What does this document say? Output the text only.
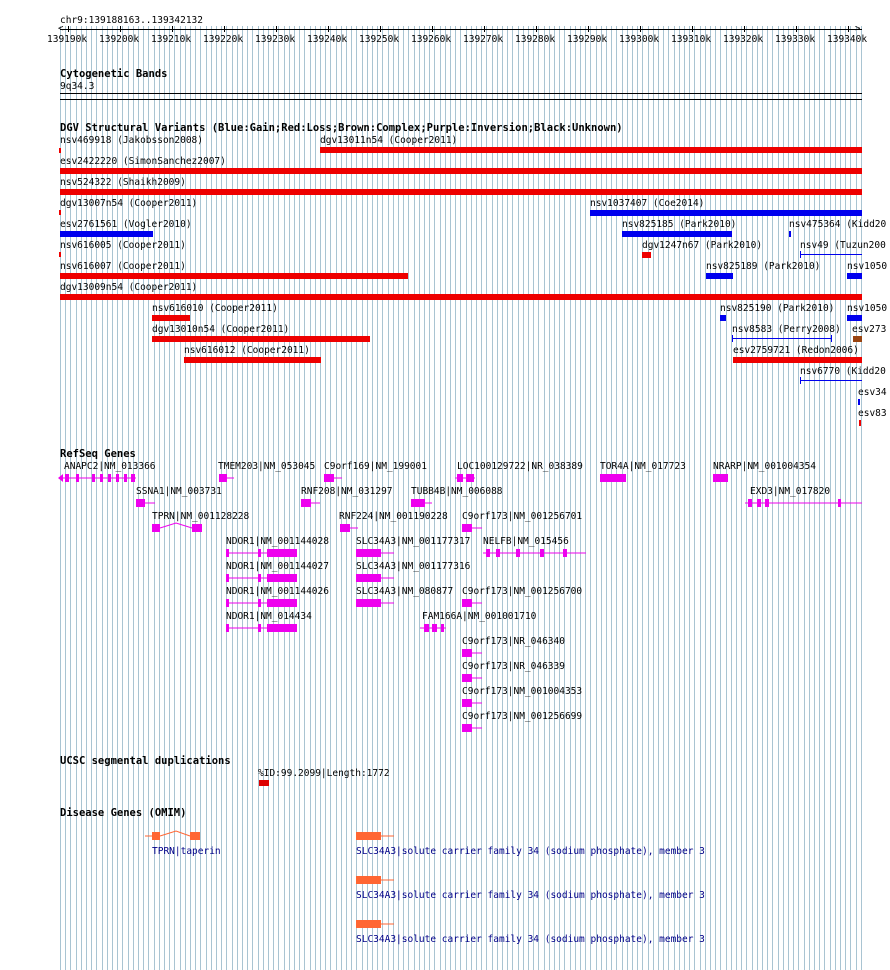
chr9:139188163..139342132
<	>
139190k 139200k 139210k 139220k 139230k 139240k 139250k 139260k 139270k 139280k 139290k 139300k 139310k 139320k 139330k 139340k
Cytogenetic Bands
9q34.3
DGV Structural Variants (Blue:Gain;Red:Loss;Brown:Complex;Purple:Inversion;Black:Unknown)
nsv469918 (Jakobsson2008)	dgv13011n54 (Cooper2011)
esv2422220 (SimonSanchez2007)
nsv524322 (Shaikh2009)
dgv13007n54 (Cooper2011)	nsv1037407 (Coe2014)
esv2761561 (Vogler2010)	nsv825185 (Park2010)	nsv475364 (Kidd20
nsv616005 (Cooper2011)	dgv1247n67 (Park2010)	nsv49 (Tuzun200
nsv616007 (Cooper2011)	nsv825189 (Park2010)	nsv1050
dgv13009n54 (Cooper2011)
nsv616010 (Cooper2011)	nsv825190 (Park2010) nsv1050
dgv13010n54 (Cooper2011)	nsv8583 (Perry2008) esv273
nsv616012 (Cooper2011)	esv2759721 (Redon2006)
nsv6770 (Kidd20
esv34
esv83
RefSeq Genes
ANAPC2|NM_013366	TMEM203|NM_053045 C9orf169|NM_199001	LOC100129722|NR_038389 TOR4A|NM_017723	NRARP|NM_001004354
SSNA1|NM_003731	RNF208|NM_031297 TUBB4B|NM_006088	EXD3|NM_017820
TPRN|NM_001128228	RNF224|NM_001190228 C9orf173|NM_001256701
NDOR1|NM_001144028	SLC34A3|NM_001177317 NELFB|NM_015456
NDOR1|NM_001144027	SLC34A3|NM_001177316
NDOR1|NM_001144026	SLC34A3|NM_080877 C9orf173|NM_001256700
NDOR1|NM_014434	FAM166A|NM_001001710
C9orf173|NR_046340
C9orf173|NR_046339
C9orf173|NM_001004353
C9orf173|NM_001256699
UCSC segmental duplications
%ID:99.2099|Length:1772
Disease Genes (OMIM)
TPRN|taperin	SLC34A3|solute carrier family 34 (sodium phosphate), member 3
SLC34A3|solute carrier family 34 (sodium phosphate), member 3
SLC34A3|solute carrier family 34 (sodium phosphate), member 3
